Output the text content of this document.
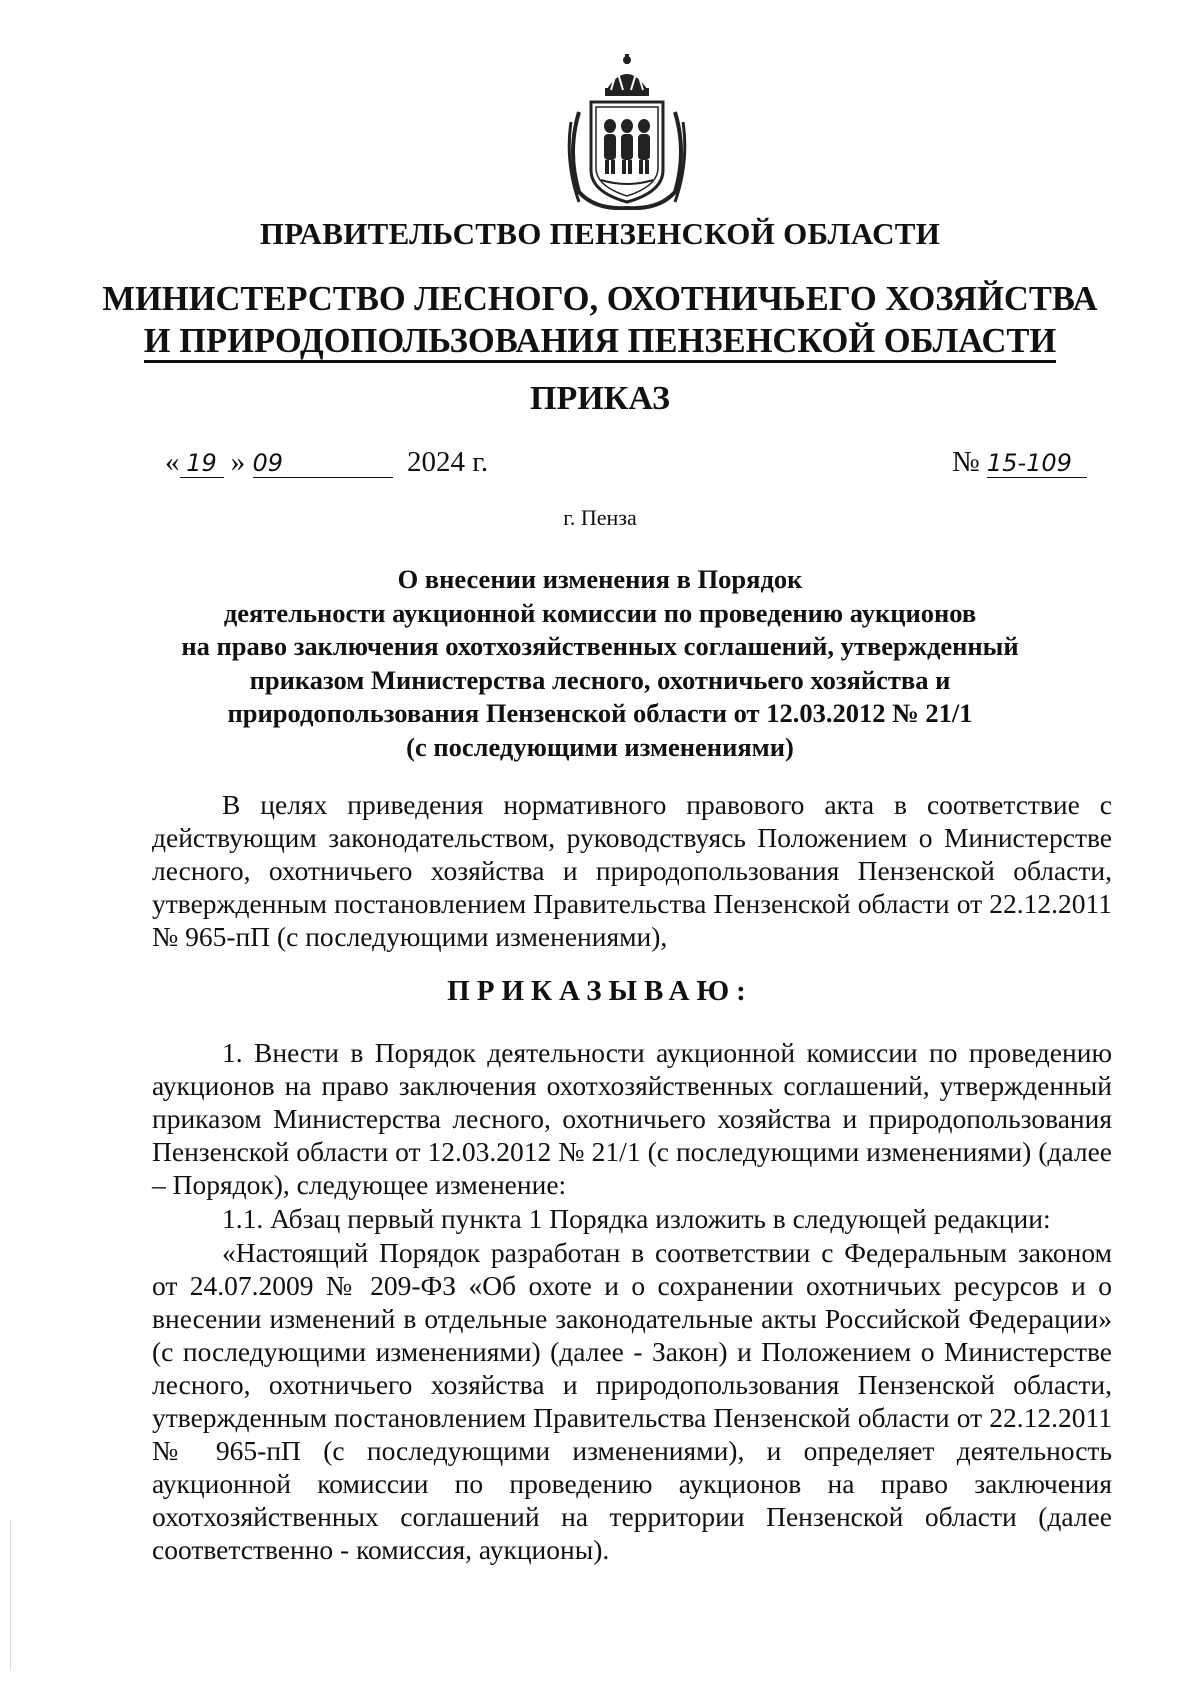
ПРАВИТЕЛЬСТВО ПЕНЗЕНСКОЙ ОБЛАСТИ
МИНИСТЕРСТВО ЛЕСНОГО, ОХОТНИЧЬЕГО ХОЗЯЙСТВА
И ПРИРОДОПОЛЬЗОВАНИЯ ПЕНЗЕНСКОЙ ОБЛАСТИ
ПРИКАЗ
« 19 » 09	2024 г.	№ 15-109
г. Пенза
О внесении изменения в Порядок
деятельности аукционной комиссии по проведению аукционов
на право заключения охотхозяйственных соглашений, утвержденный
приказом Министерства лесного, охотничьего хозяйства и
природопользования Пензенской области от 12.03.2012 № 21/1
(с последующими изменениями)

В целях приведения нормативного правового акта в соответствие с действующим законодательством, руководствуясь Положением о Министерстве лесного, охотничьего хозяйства и природопользования Пензенской области, утвержденным постановлением Правительства Пензенской области от 22.12.2011 № 965-пП (с последующими изменениями),

ПРИКАЗЫВАЮ:

1. Внести в Порядок деятельности аукционной комиссии по проведению аукционов на право заключения охотхозяйственных соглашений, утвержденный приказом Министерства лесного, охотничьего хозяйства и природопользования Пензенской области от 12.03.2012 № 21/1 (с последующими изменениями) (далее – Порядок), следующее изменение:

1.1. Абзац первый пункта 1 Порядка изложить в следующей редакции:

«Настоящий Порядок разработан в соответствии с Федеральным законом от 24.07.2009 № 209-ФЗ «Об охоте и о сохранении охотничьих ресурсов и о внесении изменений в отдельные законодательные акты Российской Федерации» (с последующими изменениями) (далее - Закон) и Положением о Министерстве лесного, охотничьего хозяйства и природопользования Пензенской области, утвержденным постановлением Правительства Пензенской области от 22.12.2011 № 965-пП (с последующими изменениями), и определяет деятельность аукционной комиссии по проведению аукционов на право заключения охотхозяйственных соглашений на территории Пензенской области (далее соответственно - комиссия, аукционы).
